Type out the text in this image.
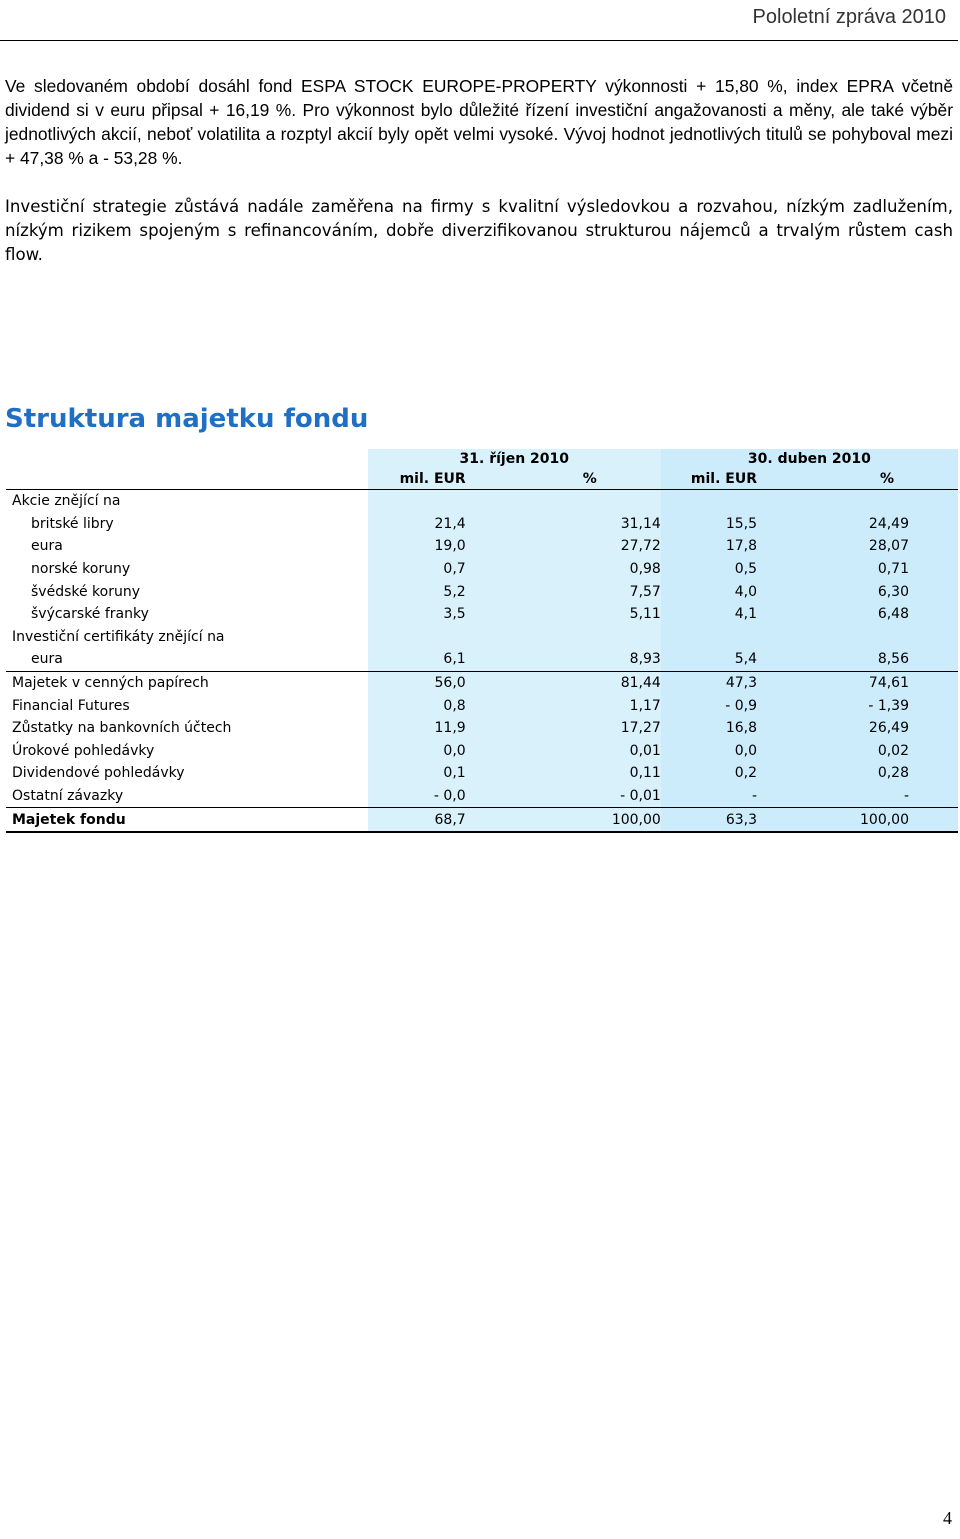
Pololetní zpráva 2010

Ve sledovaném období dosáhl fond ESPA STOCK EUROPE-PROPERTY výkonnosti + 15,80 %, index EPRA včetně dividend si v euru připsal + 16,19 %. Pro výkonnost bylo důležité řízení investiční angažovanosti a měny, ale také výběr jednotlivých akcií, neboť volatilita a rozptyl akcií byly opět velmi vysoké. Vývoj hodnot jednotlivých titulů se pohyboval mezi + 47,38 % a - 53,28 %.

Investiční strategie zůstává nadále zaměřena na firmy s kvalitní výsledovkou a rozvahou, nízkým zadlužením, nízkým rizikem spojeným s refinancováním, dobře diverzifikovanou strukturou nájemců a trvalým růstem cash flow.

Struktura majetku fondu
	31. říjen 2010		30. duben 2010	
	mil. EUR	%	mil. EUR	%
Akcie znějící na				
britské libry	21,4	31,14	15,5	24,49
eura	19,0	27,72	17,8	28,07
norské koruny	0,7	0,98	0,5	0,71
švédské koruny	5,2	7,57	4,0	6,30
švýcarské franky	3,5	5,11	4,1	6,48
Investiční certifikáty znějící na				
eura	6,1	8,93	5,4	8,56
Majetek v cenných papírech	56,0	81,44	47,3	74,61
Financial Futures	0,8	1,17	- 0,9	- 1,39
Zůstatky na bankovních účtech	11,9	17,27	16,8	26,49
Úrokové pohledávky	0,0	0,01	0,0	0,02
Dividendové pohledávky	0,1	0,11	0,2	0,28
Ostatní závazky	- 0,0	- 0,01	-	-
Majetek fondu	68,7	100,00	63,3	100,00
4
